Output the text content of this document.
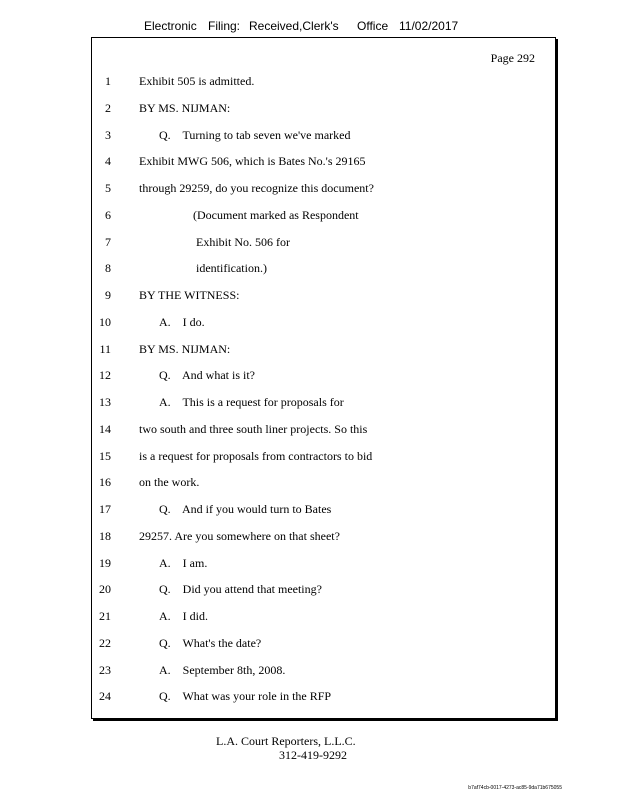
Electronic Filing: Received,Clerk's Office 11/02/2017
Page 292
1 Exhibit 505 is admitted.
2 BY MS. NIJMAN:
3	Q.    Turning to tab seven we've marked
4 Exhibit MWG 506, which is Bates No.'s 29165
5 through 29259, do you recognize this document?
6	(Document marked as Respondent
7	Exhibit No. 506 for
8	identification.)
9 BY THE WITNESS:
10	A.    I do.
11 BY MS. NIJMAN:
12	Q.    And what is it?
13	A.    This is a request for proposals for
14 two south and three south liner projects. So this
15 is a request for proposals from contractors to bid
16 on the work.
17	Q.    And if you would turn to Bates
18 29257. Are you somewhere on that sheet?
19	A.    I am.
20	Q.    Did you attend that meeting?
21	A.    I did.
22	Q.    What's the date?
23	A.    September 8th, 2008.
24	Q.    What was your role in the RFP
L.A. Court Reporters, L.L.C.
312-419-9292
b7af74cb-0017-4273-ac85-9da71b675055
